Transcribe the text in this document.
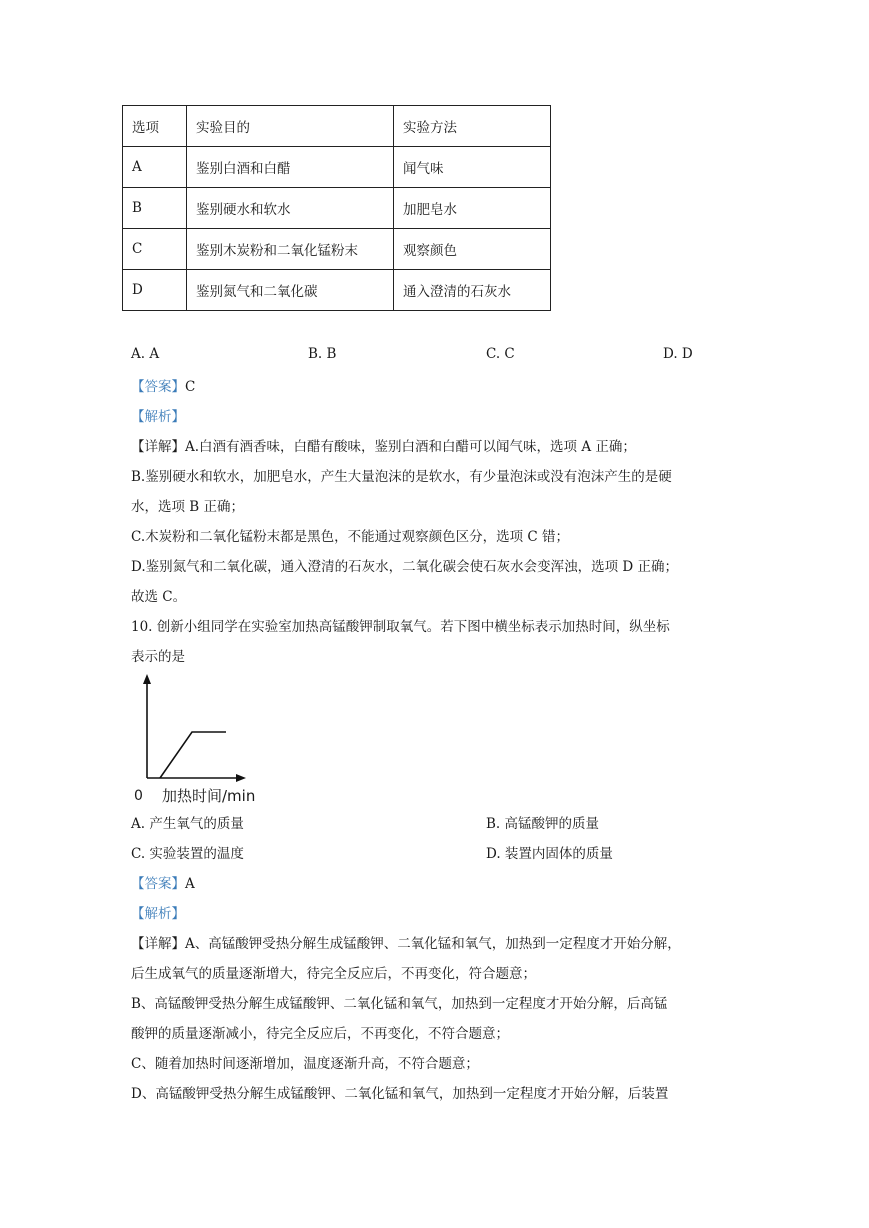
选项	实验目的	实验方法
A	鉴别白酒和白醋	闻气味
B	鉴别硬水和软水	加肥皂水
C	鉴别木炭粉和二氧化锰粉末	观察颜色
D	鉴别氮气和二氧化碳	通入澄清的石灰水
A. A	B. B	C. C	D. D
【答案】C
【解析】
【详解】A.白酒有酒香味，白醋有酸味，鉴别白酒和白醋可以闻气味，选项 A 正确；
B.鉴别硬水和软水，加肥皂水，产生大量泡沫的是软水，有少量泡沫或没有泡沫产生的是硬
水，选项 B 正确；
C.木炭粉和二氧化锰粉末都是黑色，不能通过观察颜色区分，选项 C 错；
D.鉴别氮气和二氧化碳，通入澄清的石灰水，二氧化碳会使石灰水会变浑浊，选项 D 正确；
故选 C。
10. 创新小组同学在实验室加热高锰酸钾制取氧气。若下图中横坐标表示加热时间，纵坐标
表示的是
0 加热时间/min
A. 产生氧气的质量	B. 高锰酸钾的质量
C. 实验装置的温度	D. 装置内固体的质量
【答案】A
【解析】
【详解】A、高锰酸钾受热分解生成锰酸钾、二氧化锰和氧气，加热到一定程度才开始分解，
后生成氧气的质量逐渐增大，待完全反应后，不再变化，符合题意；
B、高锰酸钾受热分解生成锰酸钾、二氧化锰和氧气，加热到一定程度才开始分解，后高锰
酸钾的质量逐渐减小，待完全反应后，不再变化，不符合题意；
C、随着加热时间逐渐增加，温度逐渐升高，不符合题意；
D、高锰酸钾受热分解生成锰酸钾、二氧化锰和氧气，加热到一定程度才开始分解，后装置
